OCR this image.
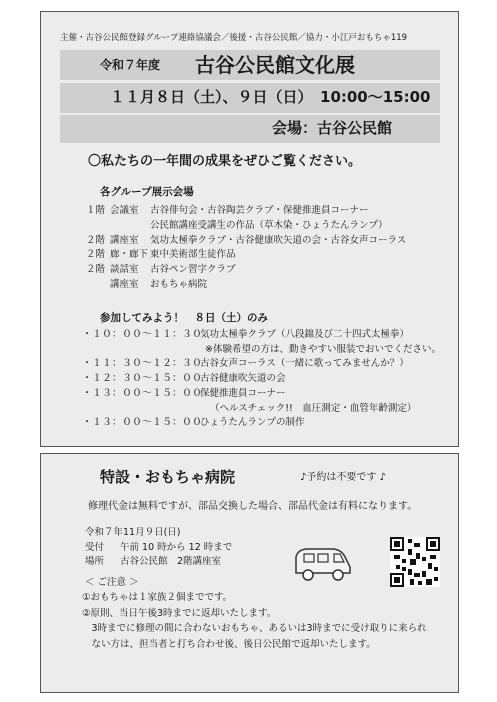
主催・古谷公民館登録グループ連絡協議会／後援・古谷公民館／協力・小江戸おもちゃ119
令和７年度 古谷公民館文化展
１１月８日（土）、９日（日）　10:00〜15:00
会場：古谷公民館
〇私たちの一年間の成果をぜひご覧ください。
各グループ展示会場
参加してみよう！　８日（土）のみ
特設・おもちゃ病院	♪予約は不要です ♪
修理代金は無料ですが、部品交換した場合、部品代金は有料になります。
令和７年11月９日(日)
受付 午前 10 時から 12 時まで
場所 古谷公民館　2階講座室
＜ ご注意 ＞
１階 会議室 古谷俳句会・古谷陶芸クラブ・保健推進員コーナー
公民館講座受講生の作品（草木染・ひょうたんランプ）
２階 講座室 気功太極拳クラブ・古谷健康吹矢道の会・古谷女声コーラス
２階 廊・廊下 東中美術部生徒作品
２階 談話室 古谷ペン習字クラブ
講座室 おもちゃ病院
・１０：００〜１１：３０
気功太極拳クラブ（八段錦及び二十四式太極拳）
※体験希望の方は、動きやすい服装でおいでください。
・１１：３０〜１２：３０
古谷女声コーラス（一緒に歌ってみませんか？）
・１２：３０〜１５：００
古谷健康吹矢道の会
・１３：００〜１５：００
保健推進員コーナー
（ヘルスチェック!!　血圧測定・血管年齢測定）
・１３：００〜１５：００
ひょうたんランプの制作
①おもちゃは１家族２個までです。
②原則、当日午後3時までに返却いたします。
　3時までに修理の間に合わないおもちゃ、あるいは3時までに受け取りに来られ
　ない方は、担当者と打ち合わせ後、後日公民館で返却いたします。
